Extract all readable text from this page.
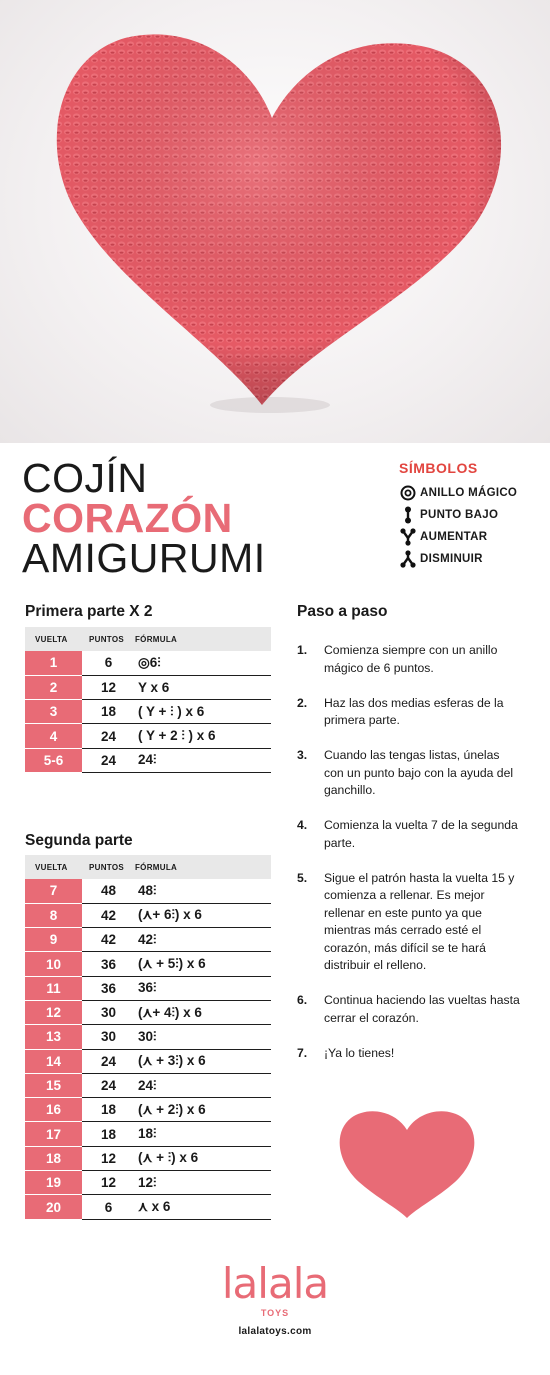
COJÍN
CORAZÓN
AMIGURUMI
SÍMBOLOS
ANILLO MÁGICO
PUNTO BAJO
AUMENTAR
DISMINUIR
Primera parte X 2
VUELTA	PUNTOS	FÓRMULA
1	6	◎6⫶
2	12	Y x 6
3	18	( Y + ⫶ ) x 6
4	24	( Y + 2 ⫶ ) x 6
5-6	24	24⫶
Segunda parte
VUELTA	PUNTOS	FÓRMULA
7	48	48⫶
8	42	(⋏+ 6⫶) x 6
9	42	42⫶
10	36	(⋏ + 5⫶) x 6
11	36	36⫶
12	30	(⋏+ 4⫶) x 6
13	30	30⫶
14	24	(⋏ + 3⫶) x 6
15	24	24⫶
16	18	(⋏ + 2⫶) x 6
17	18	18⫶
18	12	(⋏ + ⫶) x 6
19	12	12⫶
20	6	⋏ x 6
Paso a paso
1.	Comienza siempre con un anillo mágico de 6 puntos.
2.	Haz las dos medias esferas de la primera parte.
3.	Cuando las tengas listas, únelas con un punto bajo con la ayuda del ganchillo.
4.	Comienza la vuelta 7 de la segunda parte.
5.	Sigue el patrón hasta la vuelta 15 y comienza a rellenar. Es mejor rellenar en este punto ya que mientras más cerrado esté el corazón, más difícil se te hará distribuir el relleno.
6.	Continua haciendo las vueltas hasta cerrar el corazón.
7.	¡Ya lo tienes!
lalala
TOYS
lalalatoys.com
